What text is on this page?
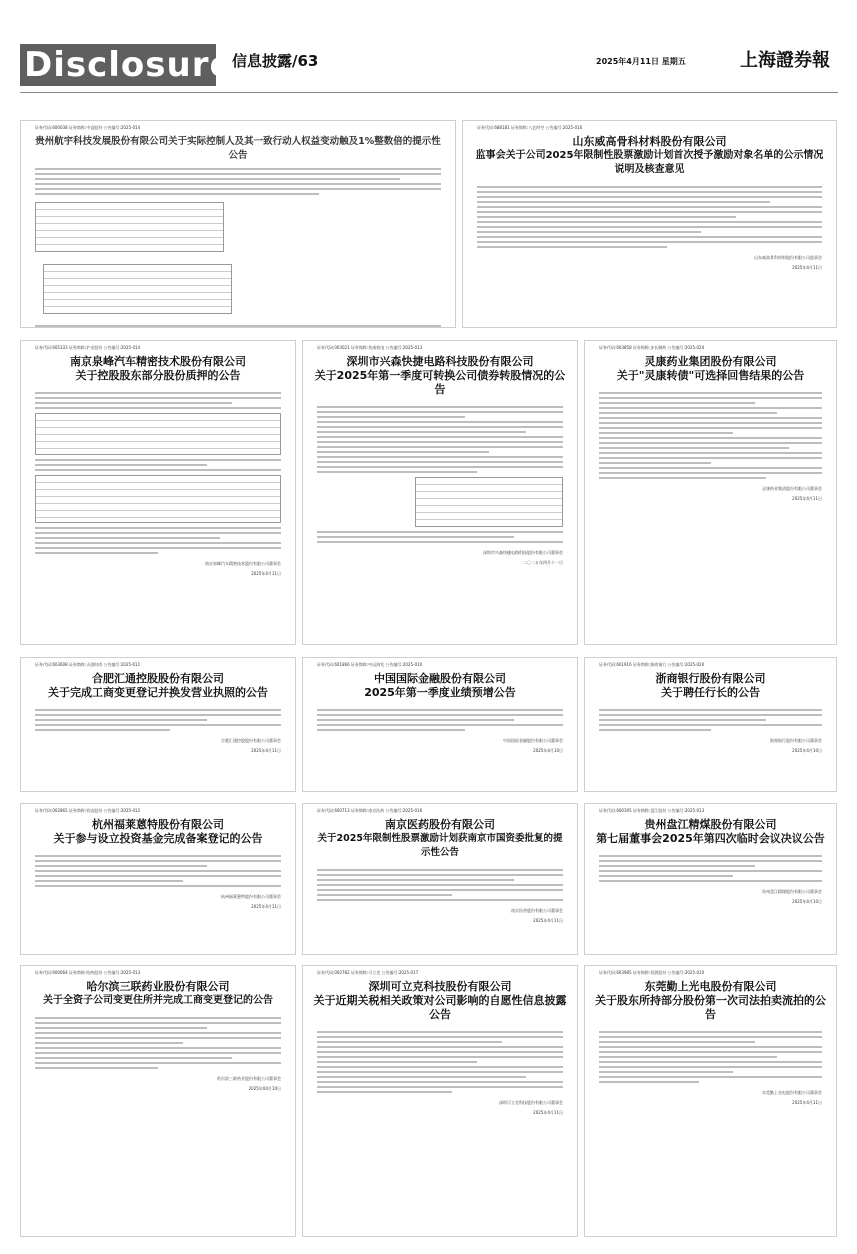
Disclosure
信息披露/63	2025年4月11日 星期五	上海證券報
证券代码:600038 证券简称:中直股份 公告编号:2025-014
贵州航宇科技发展股份有限公司关于实际控制人及其一致行动人权益变动触及1%整数倍的提示性公告

证券代码:688181 证券简称:八亿时空 公告编号:2025-016
山东威高骨科材料股份有限公司
监事会关于公司2025年限制性股票激励计划首次授予激励对象名单的公示情况说明及核查意见
山东威高骨科材料股份有限公司监事会
2025年4月11日
证券代码:605333 证券简称:沪光股份 公告编号:2025-014
南京泉峰汽车精密技术股份有限公司
关于控股股东部分股份质押的公告
南京泉峰汽车精密技术股份有限公司董事会
2025年4月11日
证券代码:003021 证券简称:兆威机电 公告编号:2025-013
深圳市兴森快捷电路科技股份有限公司
关于2025年第一季度可转换公司债券转股情况的公告
深圳市兴森快捷电路科技股份有限公司董事会
二〇二五年四月十一日
证券代码:603858 证券简称:步长制药 公告编号:2025-024
灵康药业集团股份有限公司
关于"灵康转债"可选择回售结果的公告
灵康药业集团股份有限公司董事会
2025年4月11日
证券代码:603608 证券简称:天创时尚 公告编号:2025-011
合肥汇通控股股份有限公司
关于完成工商变更登记并换发营业执照的公告
合肥汇通控股股份有限公司董事会
2025年4月11日
证券代码:601866 证券简称:中远海发 公告编号:2025-010
中国国际金融股份有限公司
2025年第一季度业绩预增公告
中国国际金融股份有限公司董事会
2025年4月10日
证券代码:601916 证券简称:浙商银行 公告编号:2025-020
浙商银行股份有限公司
关于聘任行长的公告
浙商银行股份有限公司董事会
2025年4月10日
证券代码:002865 证券简称:钧达股份 公告编号:2025-012
杭州福莱蒽特股份有限公司
关于参与设立投资基金完成备案登记的公告
杭州福莱蒽特股份有限公司董事会
2025年4月11日
证券代码:600713 证券简称:南京医药 公告编号:2025-016
南京医药股份有限公司
关于2025年限制性股票激励计划获南京市国资委批复的提示性公告
南京医药股份有限公司董事会
2025年4月11日
证券代码:600395 证券简称:盘江股份 公告编号:2025-013
贵州盘江精煤股份有限公司
第七届董事会2025年第四次临时会议决议公告
贵州盘江精煤股份有限公司董事会
2025年4月10日
证券代码:600664 证券简称:哈药股份 公告编号:2025-013
哈尔滨三联药业股份有限公司
关于全资子公司变更住所并完成工商变更登记的公告
哈尔滨三联药业股份有限公司董事会
2025年04月10日
证券代码:002782 证券简称:可立克 公告编号:2025-017
深圳可立克科技股份有限公司
关于近期关税相关政策对公司影响的自愿性信息披露公告
深圳可立克科技股份有限公司董事会
2025年4月11日
证券代码:603985 证券简称:恒润股份 公告编号:2025-010
东莞勤上光电股份有限公司
关于股东所持部分股份第一次司法拍卖流拍的公告
东莞勤上光电股份有限公司董事会
2025年4月11日
